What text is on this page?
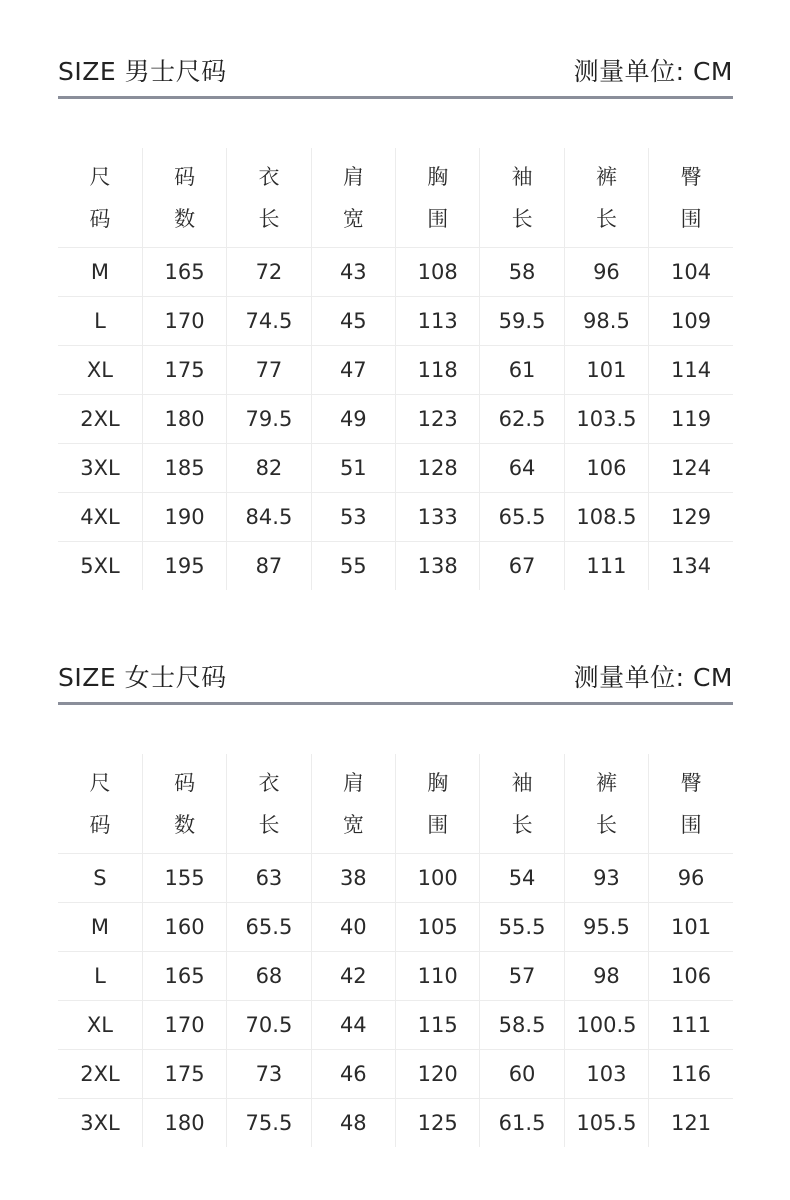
SIZE 男士尺码	测量单位: CM
尺码	码数	衣长	肩宽	胸围	袖长	裤长	臀围
M	165	72	43	108	58	96	104
L	170	74.5	45	113	59.5	98.5	109
XL	175	77	47	118	61	101	114
2XL	180	79.5	49	123	62.5	103.5	119
3XL	185	82	51	128	64	106	124
4XL	190	84.5	53	133	65.5	108.5	129
5XL	195	87	55	138	67	111	134
SIZE 女士尺码	测量单位: CM
尺码	码数	衣长	肩宽	胸围	袖长	裤长	臀围
S	155	63	38	100	54	93	96
M	160	65.5	40	105	55.5	95.5	101
L	165	68	42	110	57	98	106
XL	170	70.5	44	115	58.5	100.5	111
2XL	175	73	46	120	60	103	116
3XL	180	75.5	48	125	61.5	105.5	121
